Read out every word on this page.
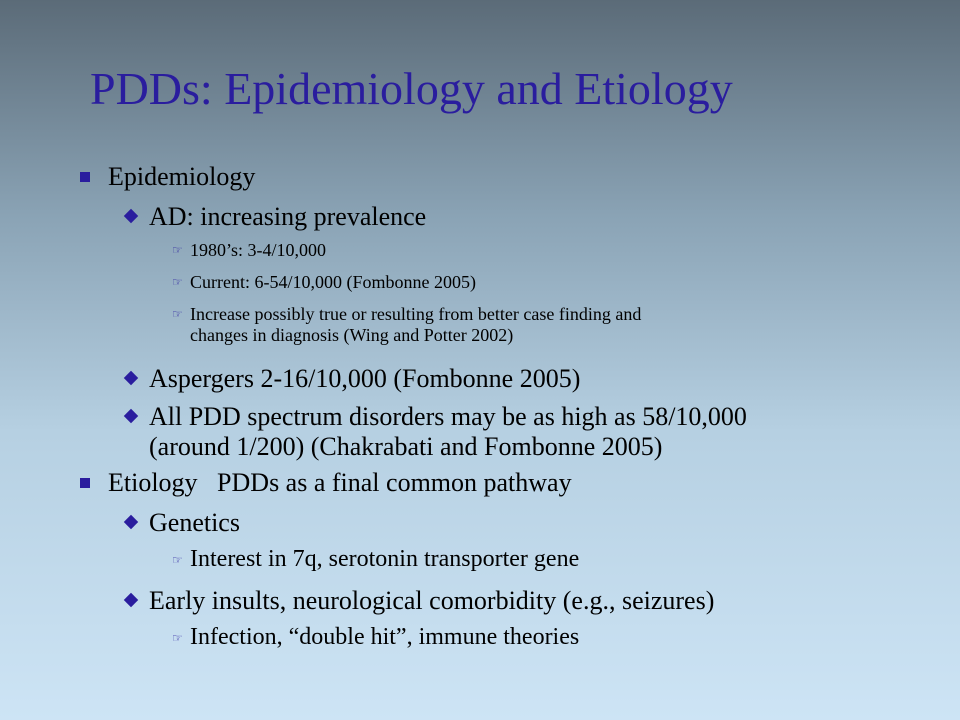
PDDs: Epidemiology and Etiology
Epidemiology
AD: increasing prevalence
☞ 1980’s: 3-4/10,000
☞ Current: 6-54/10,000 (Fombonne 2005)
☞ Increase possibly true or resulting from better case finding and
changes in diagnosis (Wing and Potter 2002)
Aspergers 2-16/10,000 (Fombonne 2005)
All PDD spectrum disorders may be as high as 58/10,000
(around 1/200) (Chakrabati and Fombonne 2005)
Etiology   PDDs as a final common pathway
Genetics
☞ Interest in 7q, serotonin transporter gene
Early insults, neurological comorbidity (e.g., seizures)
☞ Infection, “double hit”, immune theories
